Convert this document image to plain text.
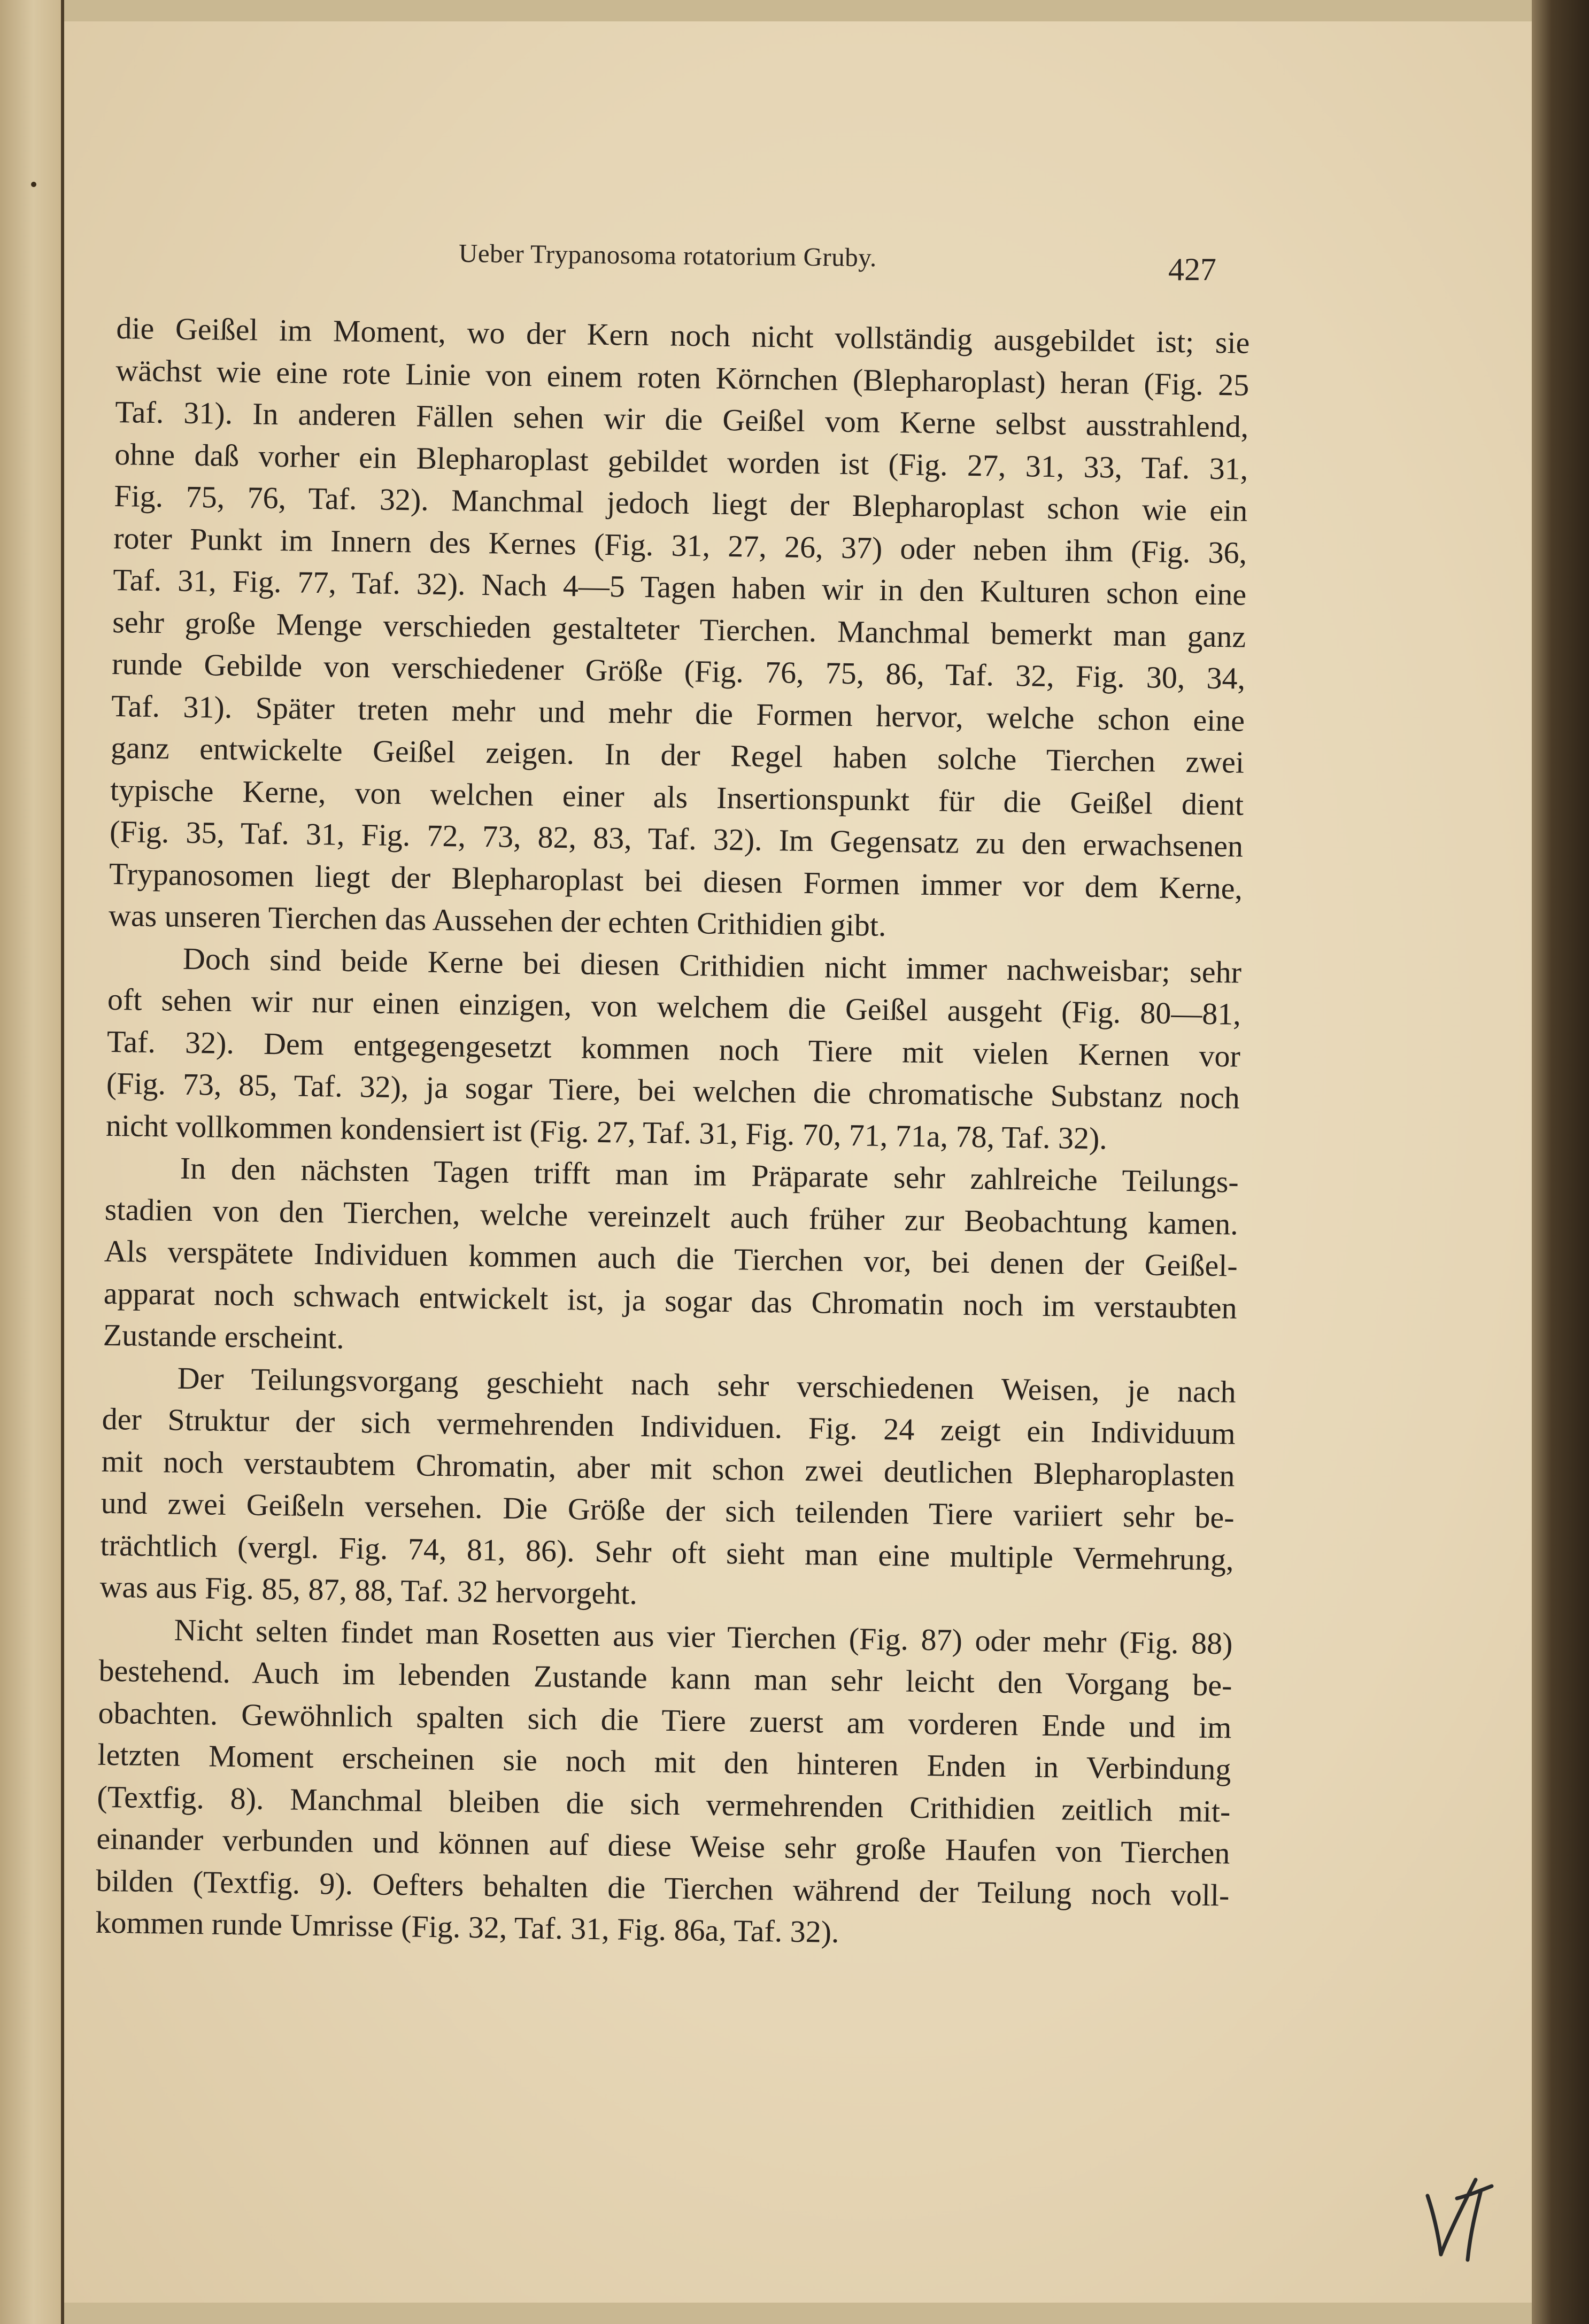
Ueber Trypanosoma rotatorium Gruby.	427
die Geißel im Moment, wo der Kern noch nicht vollständig ausgebildet ist; sie
wächst wie eine rote Linie von einem roten Körnchen (Blepharoplast) heran (Fig. 25
Taf. 31). In anderen Fällen sehen wir die Geißel vom Kerne selbst ausstrahlend,
ohne daß vorher ein Blepharoplast gebildet worden ist (Fig. 27, 31, 33, Taf. 31,
Fig. 75, 76, Taf. 32). Manchmal jedoch liegt der Blepharoplast schon wie ein
roter Punkt im Innern des Kernes (Fig. 31, 27, 26, 37) oder neben ihm (Fig. 36,
Taf. 31, Fig. 77, Taf. 32). Nach 4—5 Tagen haben wir in den Kulturen schon eine
sehr große Menge verschieden gestalteter Tierchen. Manchmal bemerkt man ganz
runde Gebilde von verschiedener Größe (Fig. 76, 75, 86, Taf. 32, Fig. 30, 34,
Taf. 31). Später treten mehr und mehr die Formen hervor, welche schon eine
ganz entwickelte Geißel zeigen. In der Regel haben solche Tierchen zwei
typische Kerne, von welchen einer als Insertionspunkt für die Geißel dient
(Fig. 35, Taf. 31, Fig. 72, 73, 82, 83, Taf. 32). Im Gegensatz zu den erwachsenen
Trypanosomen liegt der Blepharoplast bei diesen Formen immer vor dem Kerne,
was unseren Tierchen das Aussehen der echten Crithidien gibt.
Doch sind beide Kerne bei diesen Crithidien nicht immer nachweisbar; sehr
oft sehen wir nur einen einzigen, von welchem die Geißel ausgeht (Fig. 80—81,
Taf. 32). Dem entgegengesetzt kommen noch Tiere mit vielen Kernen vor
(Fig. 73, 85, Taf. 32), ja sogar Tiere, bei welchen die chromatische Substanz noch
nicht vollkommen kondensiert ist (Fig. 27, Taf. 31, Fig. 70, 71, 71a, 78, Taf. 32).
In den nächsten Tagen trifft man im Präparate sehr zahlreiche Teilungs-
stadien von den Tierchen, welche vereinzelt auch früher zur Beobachtung kamen.
Als verspätete Individuen kommen auch die Tierchen vor, bei denen der Geißel-
apparat noch schwach entwickelt ist, ja sogar das Chromatin noch im verstaubten
Zustande erscheint.
Der Teilungsvorgang geschieht nach sehr verschiedenen Weisen, je nach
der Struktur der sich vermehrenden Individuen. Fig. 24 zeigt ein Individuum
mit noch verstaubtem Chromatin, aber mit schon zwei deutlichen Blepharoplasten
und zwei Geißeln versehen. Die Größe der sich teilenden Tiere variiert sehr be-
trächtlich (vergl. Fig. 74, 81, 86). Sehr oft sieht man eine multiple Vermehrung,
was aus Fig. 85, 87, 88, Taf. 32 hervorgeht.
Nicht selten findet man Rosetten aus vier Tierchen (Fig. 87) oder mehr (Fig. 88)
bestehend. Auch im lebenden Zustande kann man sehr leicht den Vorgang be-
obachten. Gewöhnlich spalten sich die Tiere zuerst am vorderen Ende und im
letzten Moment erscheinen sie noch mit den hinteren Enden in Verbindung
(Textfig. 8). Manchmal bleiben die sich vermehrenden Crithidien zeitlich mit-
einander verbunden und können auf diese Weise sehr große Haufen von Tierchen
bilden (Textfig. 9). Oefters behalten die Tierchen während der Teilung noch voll-
kommen runde Umrisse (Fig. 32, Taf. 31, Fig. 86a, Taf. 32).
